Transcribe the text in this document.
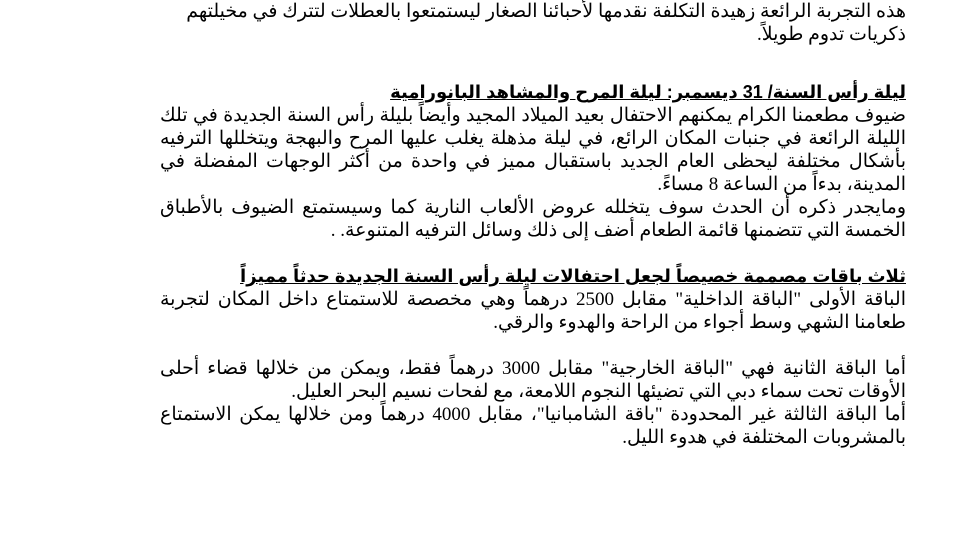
هذه التجربة الرائعة زهيدة التكلفة نقدمها لأحبائنا الصغار ليستمتعوا بالعطلات لتترك في مخيلتهم

ذكريات تدوم طويلاً.

ليلة رأس السنة/ 31 ديسمبر: ليلة المرح والمشاهد البانورامية

ضيوف مطعمنا الكرام يمكنهم الاحتفال بعيد الميلاد المجيد وأيضاً بليلة رأس السنة الجديدة في تلك الليلة الرائعة في جنبات المكان الرائع، في ليلة مذهلة يغلب عليها المرح والبهجة ويتخللها الترفيه بأشكال مختلفة ليحظى العام الجديد باستقبال مميز في واحدة من أكثر الوجهات المفضلة في المدينة، بدءاً من الساعة 8 مساءً.

ومايجدر ذكره أن الحدث سوف يتخلله عروض الألعاب النارية كما وسيستمتع الضيوف بالأطباق الخمسة التي تتضمنها قائمة الطعام أضف إلى ذلك وسائل الترفيه المتنوعة. .

ثلاث باقات مصممة خصيصاً لجعل احتفالات ليلة رأس السنة الجديدة حدثاً مميزاً

الباقة الأولى "الباقة الداخلية" مقابل 2500 درهماً وهي مخصصة للاستمتاع داخل المكان لتجربة طعامنا الشهي وسط أجواء من الراحة والهدوء والرقي.

أما الباقة الثانية فهي "الباقة الخارجية" مقابل 3000 درهماً فقط، ويمكن من خلالها قضاء أحلى الأوقات تحت سماء دبي التي تضيئها النجوم اللامعة، مع لفحات نسيم البحر العليل.

أما الباقة الثالثة غير المحدودة "باقة الشامبانيا"، مقابل 4000 درهماً ومن خلالها يمكن الاستمتاع بالمشروبات المختلفة في هدوء الليل.
